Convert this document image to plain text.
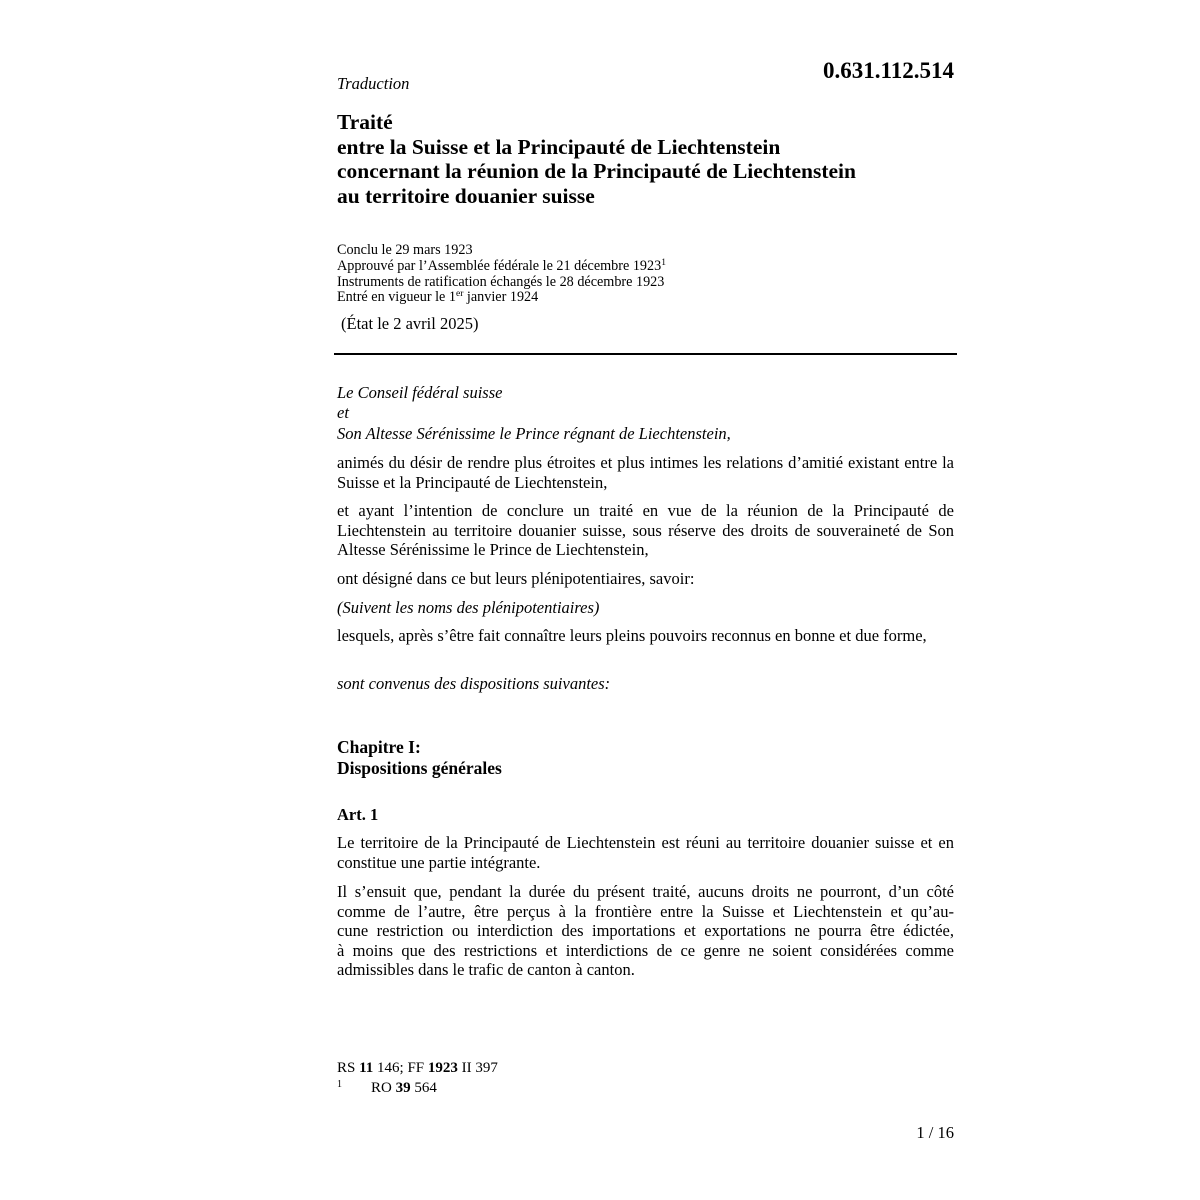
0.631.112.514
Traduction
Traité
entre la Suisse et la Principauté de Liechtenstein
concernant la réunion de la Principauté de Liechtenstein
au territoire douanier suisse
Conclu le 29 mars 1923
Approuvé par l’Assemblée fédérale le 21 décembre 1923$^1$
Instruments de ratification échangés le 28 décembre 1923
Entré en vigueur le 1er janvier 1924
(État le 2 avril 2025)
Le Conseil fédéral suisse
et
Son Altesse Sérénissime le Prince régnant de Liechtenstein,

animés du désir de rendre plus étroites et plus intimes les relations d’amitié existant entre la Suisse et la Principauté de Liechtenstein,

et ayant l’intention de conclure un traité en vue de la réunion de la Principauté de Liechtenstein au territoire douanier suisse, sous réserve des droits de souveraineté de Son Altesse Sérénissime le Prince de Liechtenstein,

ont désigné dans ce but leurs plénipotentiaires, savoir:

(Suivent les noms des plénipotentiaires)

lesquels, après s’être fait connaître leurs pleins pouvoirs reconnus en bonne et due forme,

sont convenus des dispositions suivantes:

Chapitre I:
Dispositions générales
Art. 1

Le territoire de la Principauté de Liechtenstein est réuni au territoire douanier suisse et en constitue une partie intégrante.

Il s’ensuit que, pendant la durée du présent traité, aucuns droits ne pourront, d’un côté
comme de l’autre, être perçus à la frontière entre la Suisse et Liechtenstein et qu’au-
cune restriction ou interdiction des importations et exportations ne pourra être édictée,
à moins que des restrictions et interdictions de ce genre ne soient considérées comme
admissibles dans le trafic de canton à canton.
RS 11 146; FF 1923 II 397
1 RO 39 564
1 / 16
